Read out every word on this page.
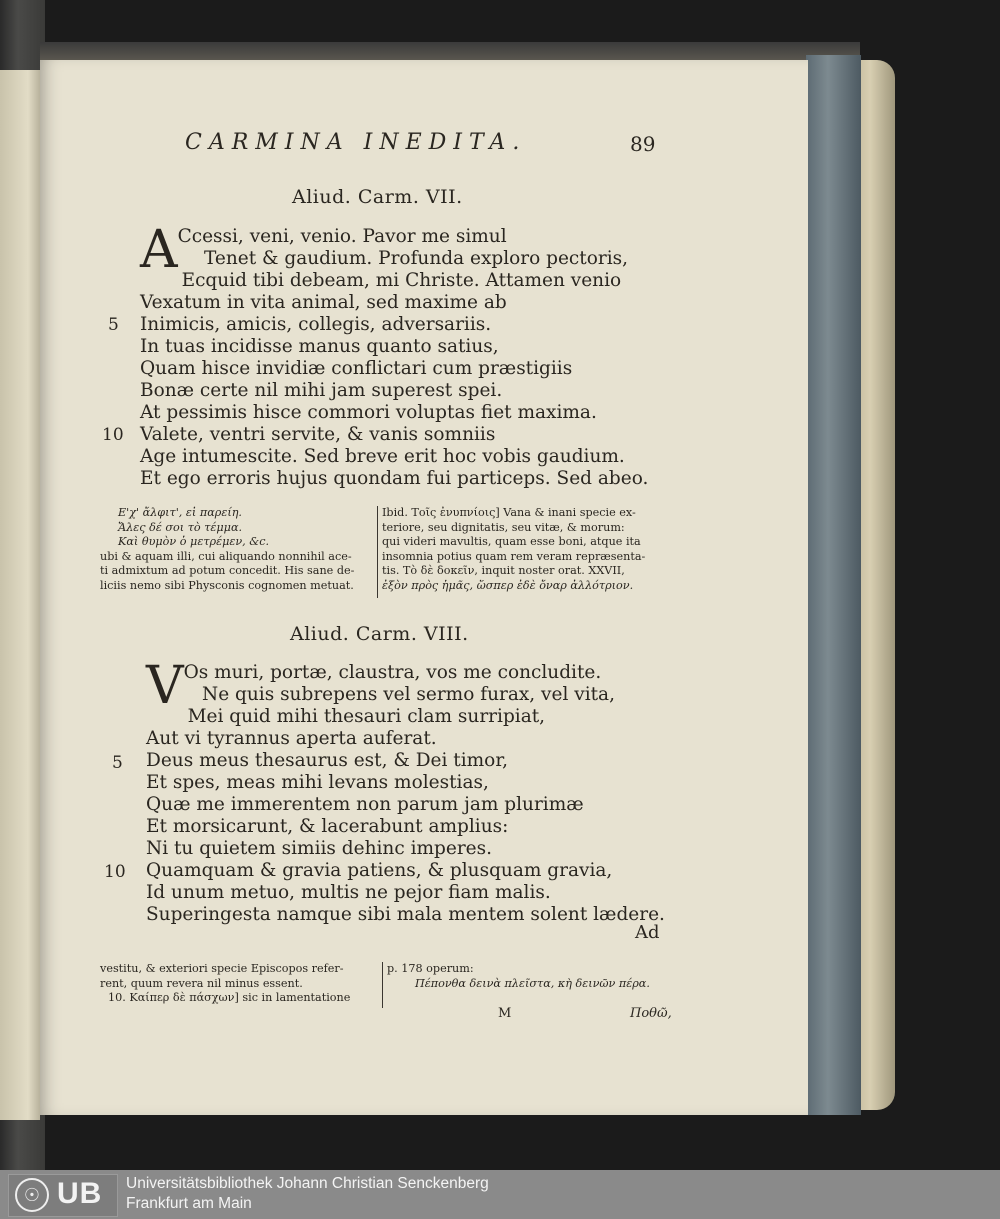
CARMINA INEDITA.	89
Aliud. Carm. VII.
A Ccessi, veni, venio. Pavor me simul
Tenet & gaudium. Profunda exploro pectoris,
Ecquid tibi debeam, mi Christe. Attamen venio
Vexatum in vita animal, sed maxime ab
Inimicis, amicis, collegis, adversariis.
In tuas incidisse manus quanto satius,
Quam hisce invidiæ conflictari cum præstigiis
Bonæ certe nil mihi jam superest spei.
At pessimis hisce commori voluptas fiet maxima.
Valete, ventri servite, & vanis somniis
Age intumescite. Sed breve erit hoc vobis gaudium.
Et ego erroris hujus quondam fui particeps. Sed abeo.
5
10
Ε'χ' ἄλφιτ', εἰ παρείη.
Ἄλες δέ σοι τὸ τέμμα.
Καὶ θυμὸν ὁ μετρέμεν, &c.
ubi & aquam illi, cui aliquando nonnihil ace-
ti admixtum ad potum concedit. His sane de-
liciis nemo sibi Physconis cognomen metuat.
Ibid. Τοῖς ἐνυπνίοις] Vana & inani specie ex-
teriore, seu dignitatis, seu vitæ, & morum:
qui videri mavultis, quam esse boni, atque ita
insomnia potius quam rem veram repræsenta-
tis. Τὸ δὲ δοκεῖν, inquit noster orat. XXVII,
ἐξὸν πρὸς ἡμᾶς, ὥσπερ ἐδὲ ὄναρ ἀλλότριον.
Aliud. Carm. VIII.
V Os muri, portæ, claustra, vos me concludite.
Ne quis subrepens vel sermo furax, vel vita,
Mei quid mihi thesauri clam surripiat,
Aut vi tyrannus aperta auferat.
Deus meus thesaurus est, & Dei timor,
Et spes, meas mihi levans molestias,
Quæ me immerentem non parum jam plurimæ
Et morsicarunt, & lacerabunt amplius:
Ni tu quietem simiis dehinc imperes.
Quamquam & gravia patiens, & plusquam gravia,
Id unum metuo, multis ne pejor fiam malis.
Superingesta namque sibi mala mentem solent lædere.
5
10
Ad
vestitu, & exteriori specie Episcopos refer-
rent, quum revera nil minus essent.
10. Καίπερ δὲ πάσχων] sic in lamentatione
p. 178 operum:
Πέπονθα δεινὰ πλεῖστα, κὴ δεινῶν πέρα.
M	Ποθῶ,
☉ UB Universitätsbibliothek Johann Christian Senckenberg
Frankfurt am Main
